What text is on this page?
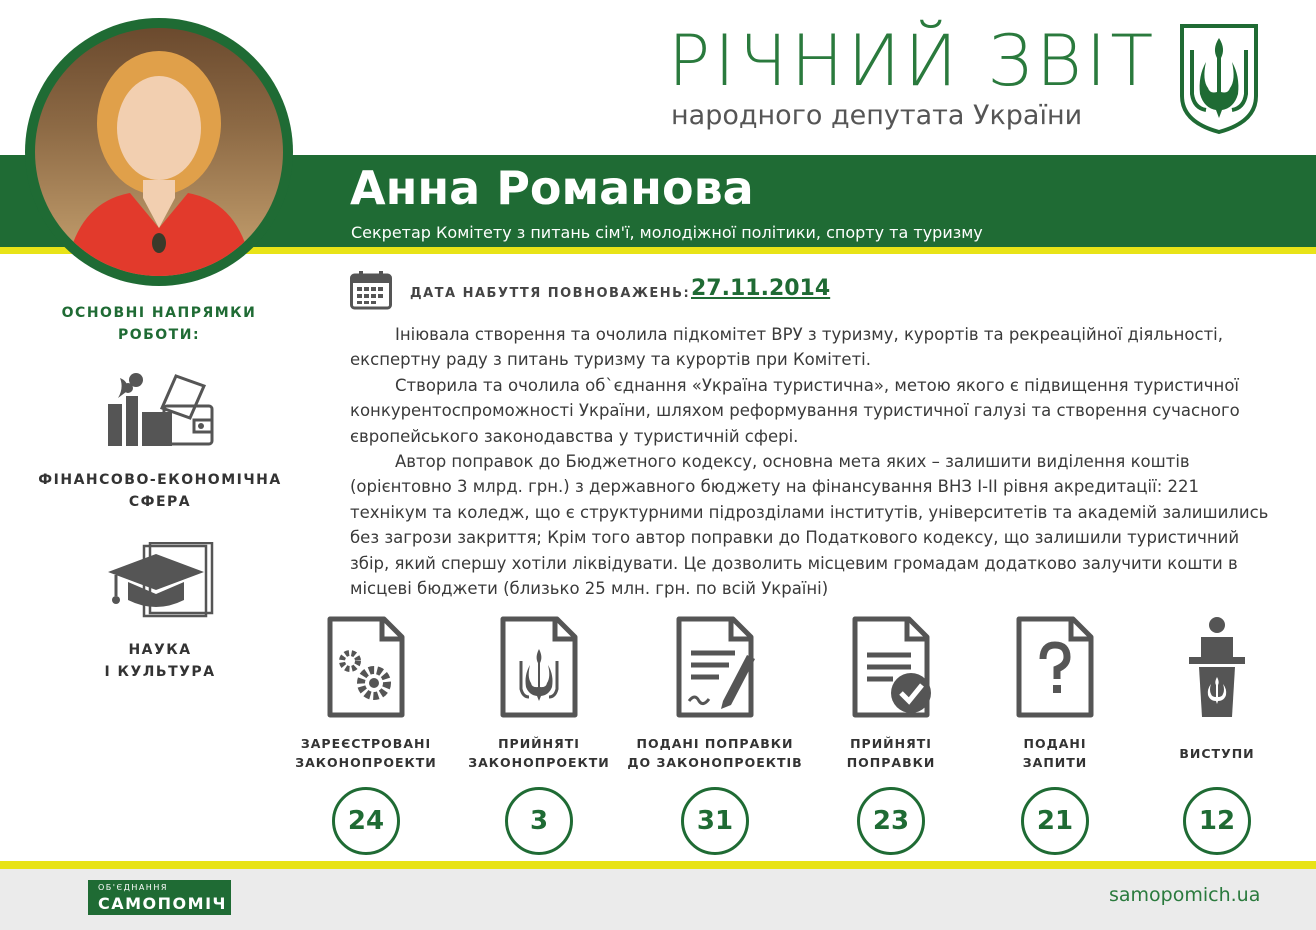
РІЧНИЙ ЗВІТ
народного депутата України
Анна Романова
Секретар Комітету з питань сім'ї, молодіжної політики, спорту та туризму
ОСНОВНІ НАПРЯМКИ
РОБОТИ:
ФІНАНСОВО-ЕКОНОМІЧНА
СФЕРА
НАУКА
І КУЛЬТУРА
ДАТА НАБУТТЯ ПОВНОВАЖЕНЬ: 27.11.2014

Ініювала створення та очолила підкомітет ВРУ з туризму, курортів та рекреаційної діяльності, експертну раду з питань туризму та курортів при Комітеті.

Створила та очолила об`єднання «Україна туристична», метою якого є підвищення туристичної конкурентоспроможності України, шляхом реформування туристичної галузі та створення сучасного європейського законодавства у туристичній сфері.

Автор поправок до Бюджетного кодексу, основна мета яких – залишити виділення коштів (орієнтовно 3 млрд. грн.) з державного бюджету на фінансування ВНЗ І-ІІ рівня акредитації: 221 технікум та коледж, що є структурними підрозділами інститутів, університетів та академій залишились без загрози закриття; Крім того автор поправки до Податкового кодексу, що залишили туристичний збір, який спершу хотіли ліквідувати. Це дозволить місцевим громадам додатково залучити кошти в місцеві бюджети (близько 25 млн. грн. по всій Україні)

ЗАРЕЄСТРОВАНІ
ЗАКОНОПРОЕКТИ
24
ПРИЙНЯТІ
ЗАКОНОПРОЕКТИ
3
ПОДАНІ ПОПРАВКИ
ДО ЗАКОНОПРОЕКТІВ
31
ПРИЙНЯТІ
ПОПРАВКИ
23
ПОДАНІ
ЗАПИТИ
21
ВИСТУПИ
12
ОБ'ЄДНАННЯ
САМОПОМІЧ	samopomich.ua
